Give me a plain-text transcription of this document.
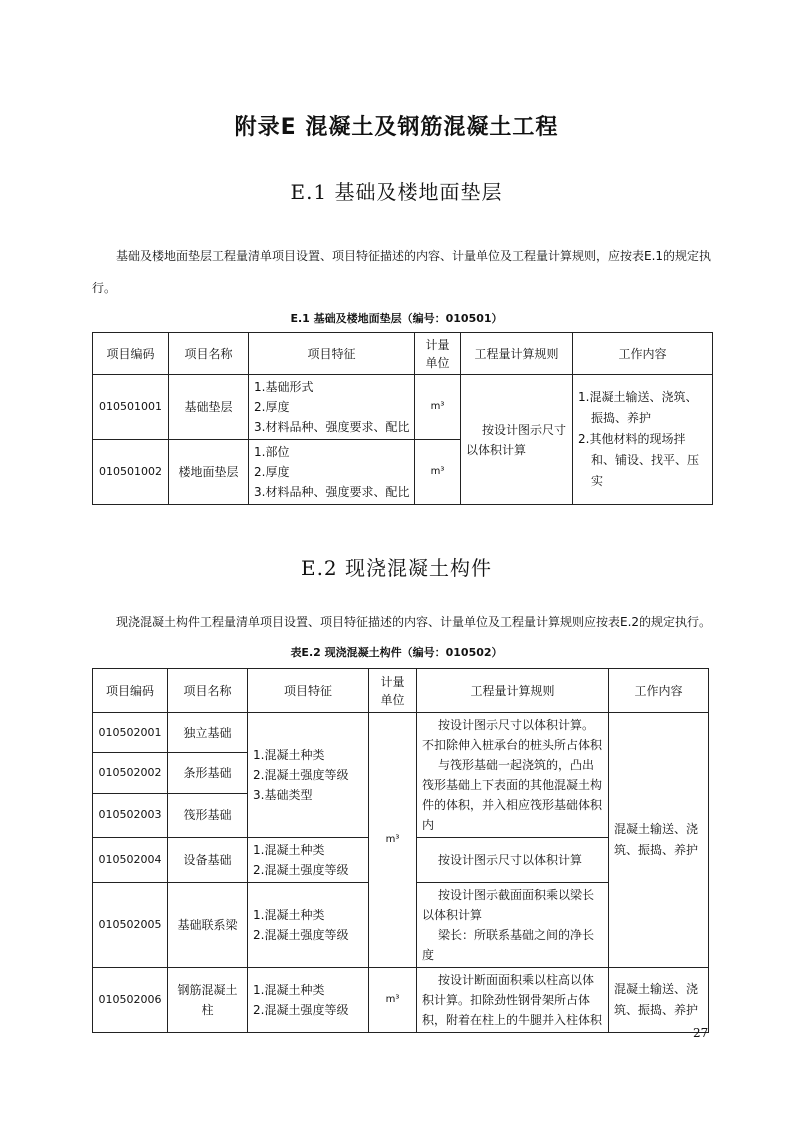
附录E 混凝土及钢筋混凝土工程
E.1 基础及楼地面垫层
基础及楼地面垫层工程量清单项目设置、项目特征描述的内容、计量单位及工程量计算规则，应按表E.1的规定执行。
E.1 基础及楼地面垫层（编号：010501）
项目编码	项目名称	项目特征	计量单位	工程量计算规则	工作内容
010501001	基础垫层	1.基础形式
2.厚度
3.材料品种、强度要求、配比	m³	按设计图示尺寸以体积计算	1.混凝土输送、浇筑、振捣、养护
2.其他材料的现场拌和、铺设、找平、压实

010501002	楼地面垫层	1.部位
2.厚度
3.材料品种、强度要求、配比	m³		
E.2 现浇混凝土构件
现浇混凝土构件工程量清单项目设置、项目特征描述的内容、计量单位及工程量计算规则应按表E.2的规定执行。
表E.2 现浇混凝土构件（编号：010502）
项目编码	项目名称	项目特征	计量单位	工程量计算规则	工作内容
010502001	独立基础	1.混凝土种类
2.混凝土强度等级
3.基础类型	m³	按设计图示尺寸以体积计算。不扣除伸入桩承台的桩头所占体积
与筏形基础一起浇筑的，凸出筏形基础上下表面的其他混凝土构件的体积，并入相应筏形基础体积内	混凝土输送、浇筑、振捣、养护
010502002	条形基础				
010502003	筏形基础				
010502004	设备基础	1.混凝土种类
2.混凝土强度等级		按设计图示尺寸以体积计算	

010502005	基础联系梁	1.混凝土种类
2.混凝土强度等级		按设计图示截面面积乘以梁长以体积计算
梁长：所联系基础之间的净长度	

010502006	钢筋混凝土柱	1.混凝土种类
2.混凝土强度等级	m³	按设计断面面积乘以柱高以体积计算。扣除劲性钢骨架所占体积，附着在柱上的牛腿并入柱体积	混凝土输送、浇筑、振捣、养护
27
